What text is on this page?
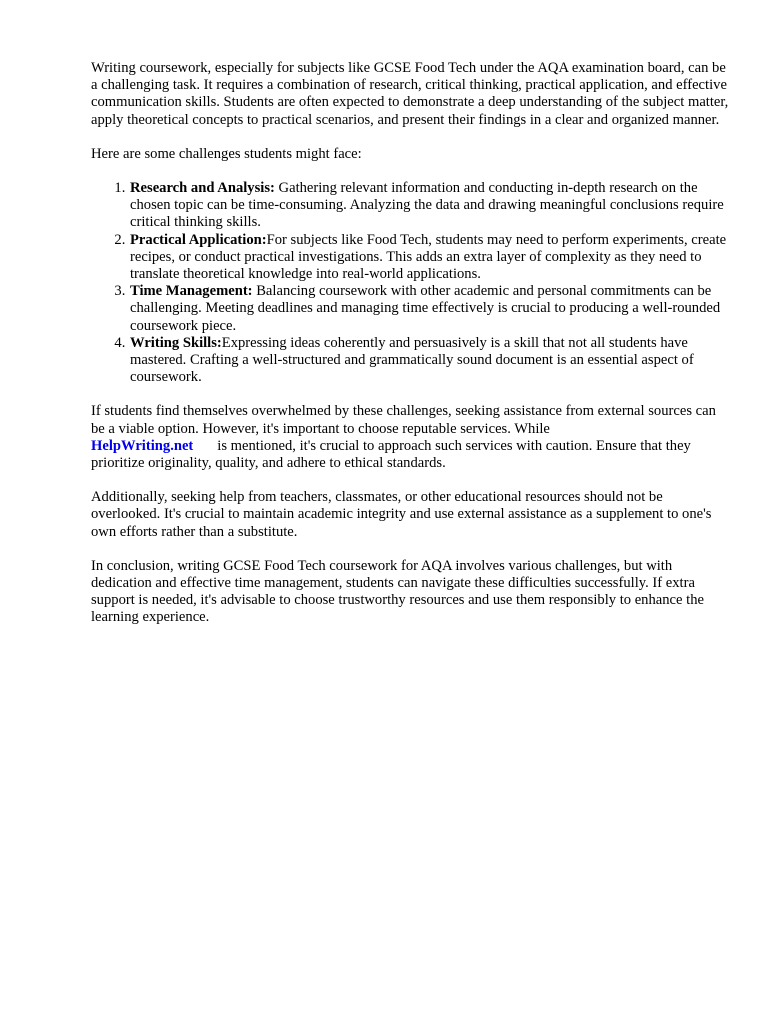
Writing coursework, especially for subjects like GCSE Food Tech under the AQA examination board, can be a challenging task. It requires a combination of research, critical thinking, practical application, and effective communication skills. Students are often expected to demonstrate a deep understanding of the subject matter, apply theoretical concepts to practical scenarios, and present their findings in a clear and organized manner.

Here are some challenges students might face:

1. Research and Analysis: Gathering relevant information and conducting in-depth research on the chosen topic can be time-consuming. Analyzing the data and drawing meaningful conclusions require critical thinking skills.
2. Practical Application:For subjects like Food Tech, students may need to perform experiments, create recipes, or conduct practical investigations. This adds an extra layer of complexity as they need to translate theoretical knowledge into real-world applications.
3. Time Management: Balancing coursework with other academic and personal commitments can be challenging. Meeting deadlines and managing time effectively is crucial to producing a well-rounded coursework piece.
4. Writing Skills:Expressing ideas coherently and persuasively is a skill that not all students have mastered. Crafting a well-structured and grammatically sound document is an essential aspect of coursework.

If students find themselves overwhelmed by these challenges, seeking assistance from external sources can be a viable option. However, it's important to choose reputable services. While
HelpWriting.net is mentioned, it's crucial to approach such services with caution. Ensure that they prioritize originality, quality, and adhere to ethical standards.

Additionally, seeking help from teachers, classmates, or other educational resources should not be overlooked. It's crucial to maintain academic integrity and use external assistance as a supplement to one's own efforts rather than a substitute.

In conclusion, writing GCSE Food Tech coursework for AQA involves various challenges, but with dedication and effective time management, students can navigate these difficulties successfully. If extra support is needed, it's advisable to choose trustworthy resources and use them responsibly to enhance the learning experience.
